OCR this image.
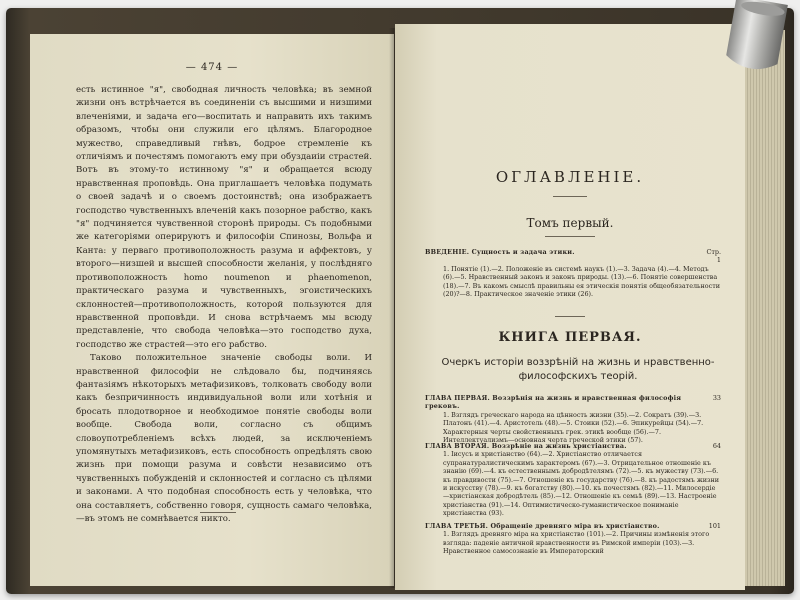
— 474 —

есть истинное "я", свободная личность человѣка; въ земной жизни онъ встрѣчается въ соединеніи съ высшими и низшими влеченіями, и задача его—воспитать и направить ихъ такимъ образомъ, чтобы они служили его цѣлямъ. Благородное мужество, справедливый гнѣвъ, бодрое стремленіе къ отличіямъ и почестямъ помогаютъ ему при обуздаиіи страстей. Вотъ въ этому-то истинному "я" и обращается всюду нравственная проповѣдь. Она приглашаетъ человѣка подумать о своей задачѣ и о своемъ достоинствѣ; она изображаетъ господство чувственныхъ влеченій какъ позорное рабство, какъ "я" подчиняется чувственной сторонѣ природы. Съ подобными же категоріями оперируютъ и философіи Спинозы, Вольфа и Канта: у перваго противоположность разума и аффектовъ, у второго—низшей и высшей способности желанія, у послѣдняго противоположность homo noumenon и phaenomenon, практическаго разума и чувственныхъ, эгоистическихъ склонностей—противоположность, которой пользуются для нравственной проповѣди. И снова встрѣчаемъ мы всюду представленіе, что свобода человѣка—это господство духа, господство же страстей—это его рабство.

Таково положительное значеніе свободы воли. И нравственной философіи не слѣдовало бы, подчиняясь фантазіямъ нѣкоторыхъ метафизиковъ, толковать свободу воли какъ безпричинность индивидуальной воли или хотѣнія и бросать плодотворное и необходимое понятіе свободы воли вообще. Свобода воли, согласно съ общимъ словоупотребленіемъ всѣхъ людей, за исключеніемъ упомянутыхъ метафизиковъ, есть способность опредѣлять свою жизнь при помощи разума и совѣсти независимо отъ чувственныхъ побужденій и склонностей и согласно съ цѣлями и законами. А что подобная способность есть у человѣка, что она составляетъ, собственно говоря, сущность самаго человѣка,—въ этомъ не сомнѣвается никто.

ОГЛАВЛЕНІЕ.
Томъ первый.
ВВЕДЕНІЕ. Сущность и задача этики.	Стр.
1
1. Понятіе (1).—2. Положеніе въ системѣ наукъ (1).—3. Задача (4).—4. Методъ (6).—5. Нравственный законъ и законъ природы. (13).—6. Понятіе совершенства (18).—7. Въ какомъ смыслѣ правильны ея этическія понятія общеобязательности (20)?—8. Практическое значеніе этики (26).
КНИГА ПЕРВАЯ.
Очеркъ исторіи воззрѣній на жизнь и нравственно-философскихъ теорій.
ГЛАВА ПЕРВАЯ. Воззрѣнія на жизнь и нравственная философія грековъ.
33
1. Взглядъ греческаго народа на цѣнность жизни (35).—2. Сократъ (39).—3. Платонъ (41).—4. Аристотель (48).—5. Стоики (52).—6. Эпикурейцы (54).—7. Характерныя черты свойственныхъ грек. этикѣ вообще (56).—7. Интеллектуализмъ—основная черта греческой этики (57).
ГЛАВА ВТОРАЯ. Воззрѣніе на жизнь христіанства.	64
1. Іисусъ и христіанство (64).—2. Христіанство отличается супранатуралистическимъ характеромъ (67).—3. Отрицательное отношеніе къ знанію (69).—4. къ естественнымъ добродѣтелямъ (72).—5. къ мужеству (73).—6. къ правдивости (75).—7. Отношеніе къ государству (76).—8. къ радостямъ жизни и искусству (78).—9. къ богатству (80).—10. къ почестямъ (82).—11. Милосердіе—христіанская добродѣтель (85).—12. Отношеніе къ семьѣ (89).—13. Настроеніе христіанства (91).—14. Оптимистическо-гуманистическое пониманіе христіанства (93).
ГЛАВА ТРЕТЬЯ. Обращеніе древняго міра въ христіанство.	101
1. Взглядъ древняго міра на христіанство (101).—2. Причины измѣненія этого взгляда: паденіе античной нравственности въ Римской имперіи (103).—3. Нравственное самосознаніе въ Императорский
